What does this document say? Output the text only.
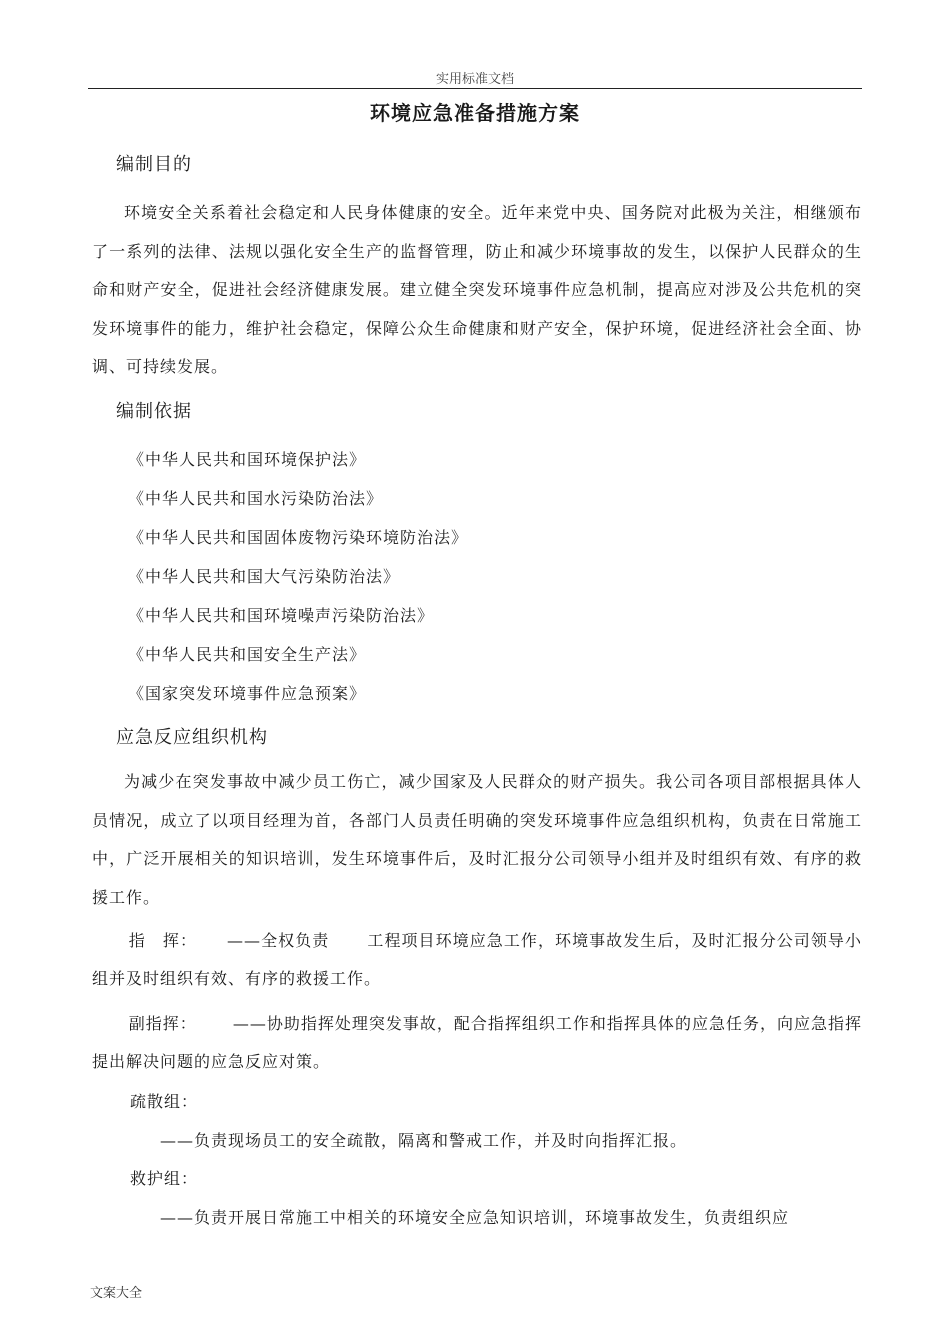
实用标准文档
环境应急准备措施方案
编制目的
环境安全关系着社会稳定和人民身体健康的安全。近年来党中央、国务院对此极为关注，相继颁布了一系列的法律、法规以强化安全生产的监督管理，防止和减少环境事故的发生，以保护人民群众的生命和财产安全，促进社会经济健康发展。建立健全突发环境事件应急机制，提高应对涉及公共危机的突发环境事件的能力，维护社会稳定，保障公众生命健康和财产安全，保护环境，促进经济社会全面、协调、可持续发展。
编制依据
《中华人民共和国环境保护法》
《中华人民共和国水污染防治法》
《中华人民共和国固体废物污染环境防治法》
《中华人民共和国大气污染防治法》
《中华人民共和国环境噪声污染防治法》
《中华人民共和国安全生产法》
《国家突发环境事件应急预案》
应急反应组织机构
为减少在突发事故中减少员工伤亡，减少国家及人民群众的财产损失。我公司各项目部根据具体人员情况，成立了以项目经理为首，各部门人员责任明确的突发环境事件应急组织机构，负责在日常施工中，广泛开展相关的知识培训，发生环境事件后，及时汇报分公司领导小组并及时组织有效、有序的救援工作。
指　挥： ——全权负责 工程项目环境应急工作，环境事故发生后，及时汇报分公司领导小组并及时组织有效、有序的救援工作。
副指挥： ——协助指挥处理突发事故，配合指挥组织工作和指挥具体的应急任务，向应急指挥提出解决问题的应急反应对策。
疏散组：
——负责现场员工的安全疏散，隔离和警戒工作，并及时向指挥汇报。
救护组：
——负责开展日常施工中相关的环境安全应急知识培训，环境事故发生，负责组织应
文案大全
